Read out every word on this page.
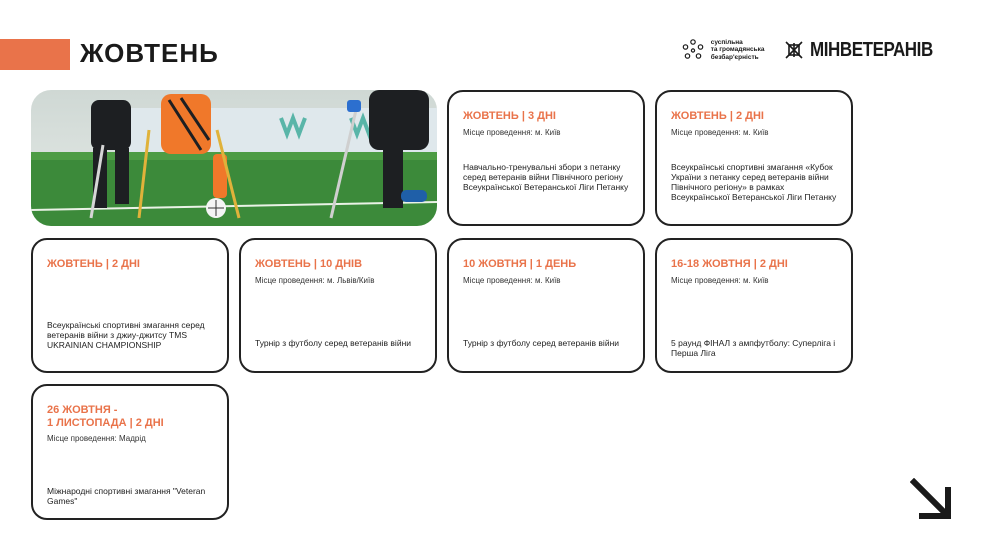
ЖОВТЕНЬ	суспільна
та громадянська
безбар'єрність	МІНВЕТЕРАНІВ
ЖОВТЕНЬ | 3 ДНІ
Місце проведення: м. Київ
Навчально-тренувальні збори з петанку серед ветеранів війни Північного регіону Всеукраїнської Ветеранської Ліги Петанку
ЖОВТЕНЬ | 2 ДНІ
Місце проведення: м. Київ
Всеукраїнські спортивні змагання «Кубок України з петанку серед ветеранів війни Північного регіону» в рамках Всеукраїнської Ветеранської Ліги Петанку
ЖОВТЕНЬ | 2 ДНІ
Всеукраїнські спортивні змагання серед ветеранів війни з джиу-джитсу TMS UKRAINIAN CHAMPIONSHIP
ЖОВТЕНЬ | 10 ДНІВ
Місце проведення: м. Львів/Київ
Турнір з футболу серед ветеранів війни
10 ЖОВТНЯ | 1 ДЕНЬ
Місце проведення: м. Київ
Турнір з футболу серед ветеранів війни
16-18 ЖОВТНЯ | 2 ДНІ
Місце проведення: м. Київ
5 раунд ФІНАЛ з ампфутболу: Суперліга і Перша Ліга
26 ЖОВТНЯ -
1 ЛИСТОПАДА | 2 ДНІ
Місце проведення: Мадрід
Міжнародні спортивні змагання "Veteran Games"
